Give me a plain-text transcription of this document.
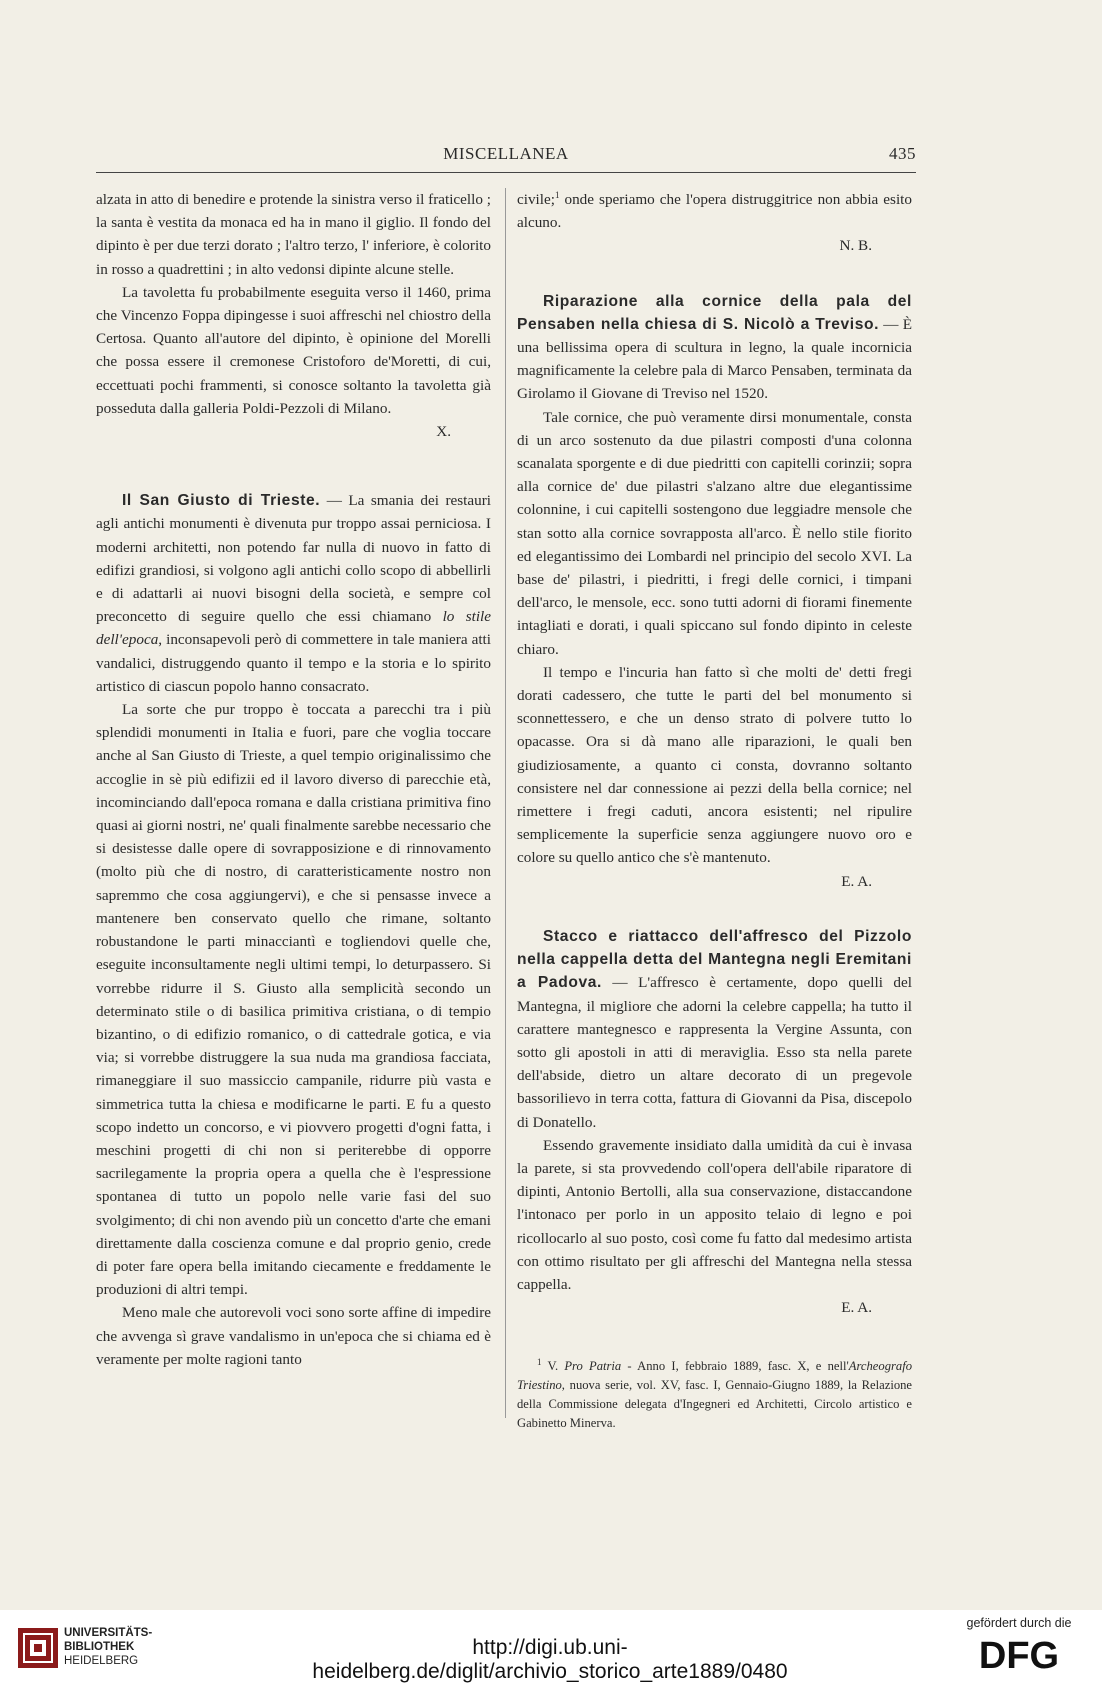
MISCELLANEA	435

alzata in atto di benedire e protende la sinistra verso il fraticello ; la santa è vestita da monaca ed ha in mano il giglio. Il fondo del dipinto è per due terzi dorato ; l'altro terzo, l' inferiore, è colorito in rosso a quadrettini ; in alto vedonsi dipinte alcune stelle.

La tavoletta fu probabilmente eseguita verso il 1460, prima che Vincenzo Foppa dipingesse i suoi affreschi nel chiostro della Certosa. Quanto all'autore del dipinto, è opinione del Morelli che possa essere il cremonese Cristoforo de'Moretti, di cui, eccettuati pochi frammenti, si conosce soltanto la tavoletta già posseduta dalla galleria Poldi-Pezzoli di Milano.

X.

Il San Giusto di Trieste. — La smania dei restauri agli antichi monumenti è divenuta pur troppo assai perniciosa. I moderni architetti, non potendo far nulla di nuovo in fatto di edifizi grandiosi, si volgono agli antichi collo scopo di abbellirli e di adattarli ai nuovi bisogni della società, e sempre col preconcetto di seguire quello che essi chiamano lo stile dell'epoca, inconsapevoli però di commettere in tale maniera atti vandalici, distruggendo quanto il tempo e la storia e lo spirito artistico di ciascun popolo hanno consacrato.

La sorte che pur troppo è toccata a parecchi tra i più splendidi monumenti in Italia e fuori, pare che voglia toccare anche al San Giusto di Trieste, a quel tempio originalissimo che accoglie in sè più edifizii ed il lavoro diverso di parecchie età, incominciando dall'epoca romana e dalla cristiana primitiva fino quasi ai giorni nostri, ne' quali finalmente sarebbe necessario che si desistesse dalle opere di sovrapposizione e di rinnovamento (molto più che di nostro, di caratteristicamente nostro non sapremmo che cosa aggiungervi), e che si pensasse invece a mantenere ben conservato quello che rimane, soltanto robustandone le parti minacciantì e togliendovi quelle che, eseguite inconsultamente negli ultimi tempi, lo deturpassero. Si vorrebbe ridurre il S. Giusto alla semplicità secondo un determinato stile o di basilica primitiva cristiana, o di tempio bizantino, o di edifizio romanico, o di cattedrale gotica, e via via; si vorrebbe distruggere la sua nuda ma grandiosa facciata, rimaneggiare il suo massiccio campanile, ridurre più vasta e simmetrica tutta la chiesa e modificarne le parti. E fu a questo scopo indetto un concorso, e vi piovvero progetti d'ogni fatta, i meschini progetti di chi non si periterebbe di opporre sacrilegamente la propria opera a quella che è l'espressione spontanea di tutto un popolo nelle varie fasi del suo svolgimento; di chi non avendo più un concetto d'arte che emani direttamente dalla coscienza comune e dal proprio genio, crede di poter fare opera bella imitando ciecamente e freddamente le produzioni di altri tempi.

Meno male che autorevoli voci sono sorte affine di impedire che avvenga sì grave vandalismo in un'epoca che si chiama ed è veramente per molte ragioni tanto

civile;$^1$ onde speriamo che l'opera distruggitrice non abbia esito alcuno.

N. B.

Riparazione alla cornice della pala del Pensaben nella chiesa di S. Nicolò a Treviso. — È una bellissima opera di scultura in legno, la quale incornicia magnificamente la celebre pala di Marco Pensaben, terminata da Girolamo il Giovane di Treviso nel 1520.

Tale cornice, che può veramente dirsi monumentale, consta di un arco sostenuto da due pilastri composti d'una colonna scanalata sporgente e di due piedritti con capitelli corinzii; sopra alla cornice de' due pilastri s'alzano altre due elegantissime colonnine, i cui capitelli sostengono due leggiadre mensole che stan sotto alla cornice sovrapposta all'arco. È nello stile fiorito ed elegantissimo dei Lombardi nel principio del secolo XVI. La base de' pilastri, i piedritti, i fregi delle cornici, i timpani dell'arco, le mensole, ecc. sono tutti adorni di fiorami finemente intagliati e dorati, i quali spiccano sul fondo dipinto in celeste chiaro.

Il tempo e l'incuria han fatto sì che molti de' detti fregi dorati cadessero, che tutte le parti del bel monumento si sconnettessero, e che un denso strato di polvere tutto lo opacasse. Ora si dà mano alle riparazioni, le quali ben giudiziosamente, a quanto ci consta, dovranno soltanto consistere nel dar connessione ai pezzi della bella cornice; nel rimettere i fregi caduti, ancora esistenti; nel ripulire semplicemente la superficie senza aggiungere nuovo oro e colore su quello antico che s'è mantenuto.

E. A.

Stacco e riattacco dell'affresco del Pizzolo nella cappella detta del Mantegna negli Eremitani a Padova. — L'affresco è certamente, dopo quelli del Mantegna, il migliore che adorni la celebre cappella; ha tutto il carattere mantegnesco e rappresenta la Vergine Assunta, con sotto gli apostoli in atti di meraviglia. Esso sta nella parete dell'abside, dietro un altare decorato di un pregevole bassorilievo in terra cotta, fattura di Giovanni da Pisa, discepolo di Donatello.

Essendo gravemente insidiato dalla umidità da cui è invasa la parete, si sta provvedendo coll'opera dell'abile riparatore di dipinti, Antonio Bertolli, alla sua conservazione, distaccandone l'intonaco per porlo in un apposito telaio di legno e poi ricollocarlo al suo posto, così come fu fatto dal medesimo artista con ottimo risultato per gli affreschi del Mantegna nella stessa cappella.

E. A.

$^1$ V. Pro Patria - Anno I, febbraio 1889, fasc. X, e nell'Archeografo Triestino, nuova serie, vol. XV, fasc. I, Gennaio-Giugno 1889, la Relazione della Commissione delegata d'Ingegneri ed Architetti, Circolo artistico e Gabinetto Minerva.

UNIVERSITÄTS-
BIBLIOTHEK
HEIDELBERG
http://digi.ub.uni-heidelberg.de/diglit/archivio_storico_arte1889/0480
gefördert durch die
DFG
